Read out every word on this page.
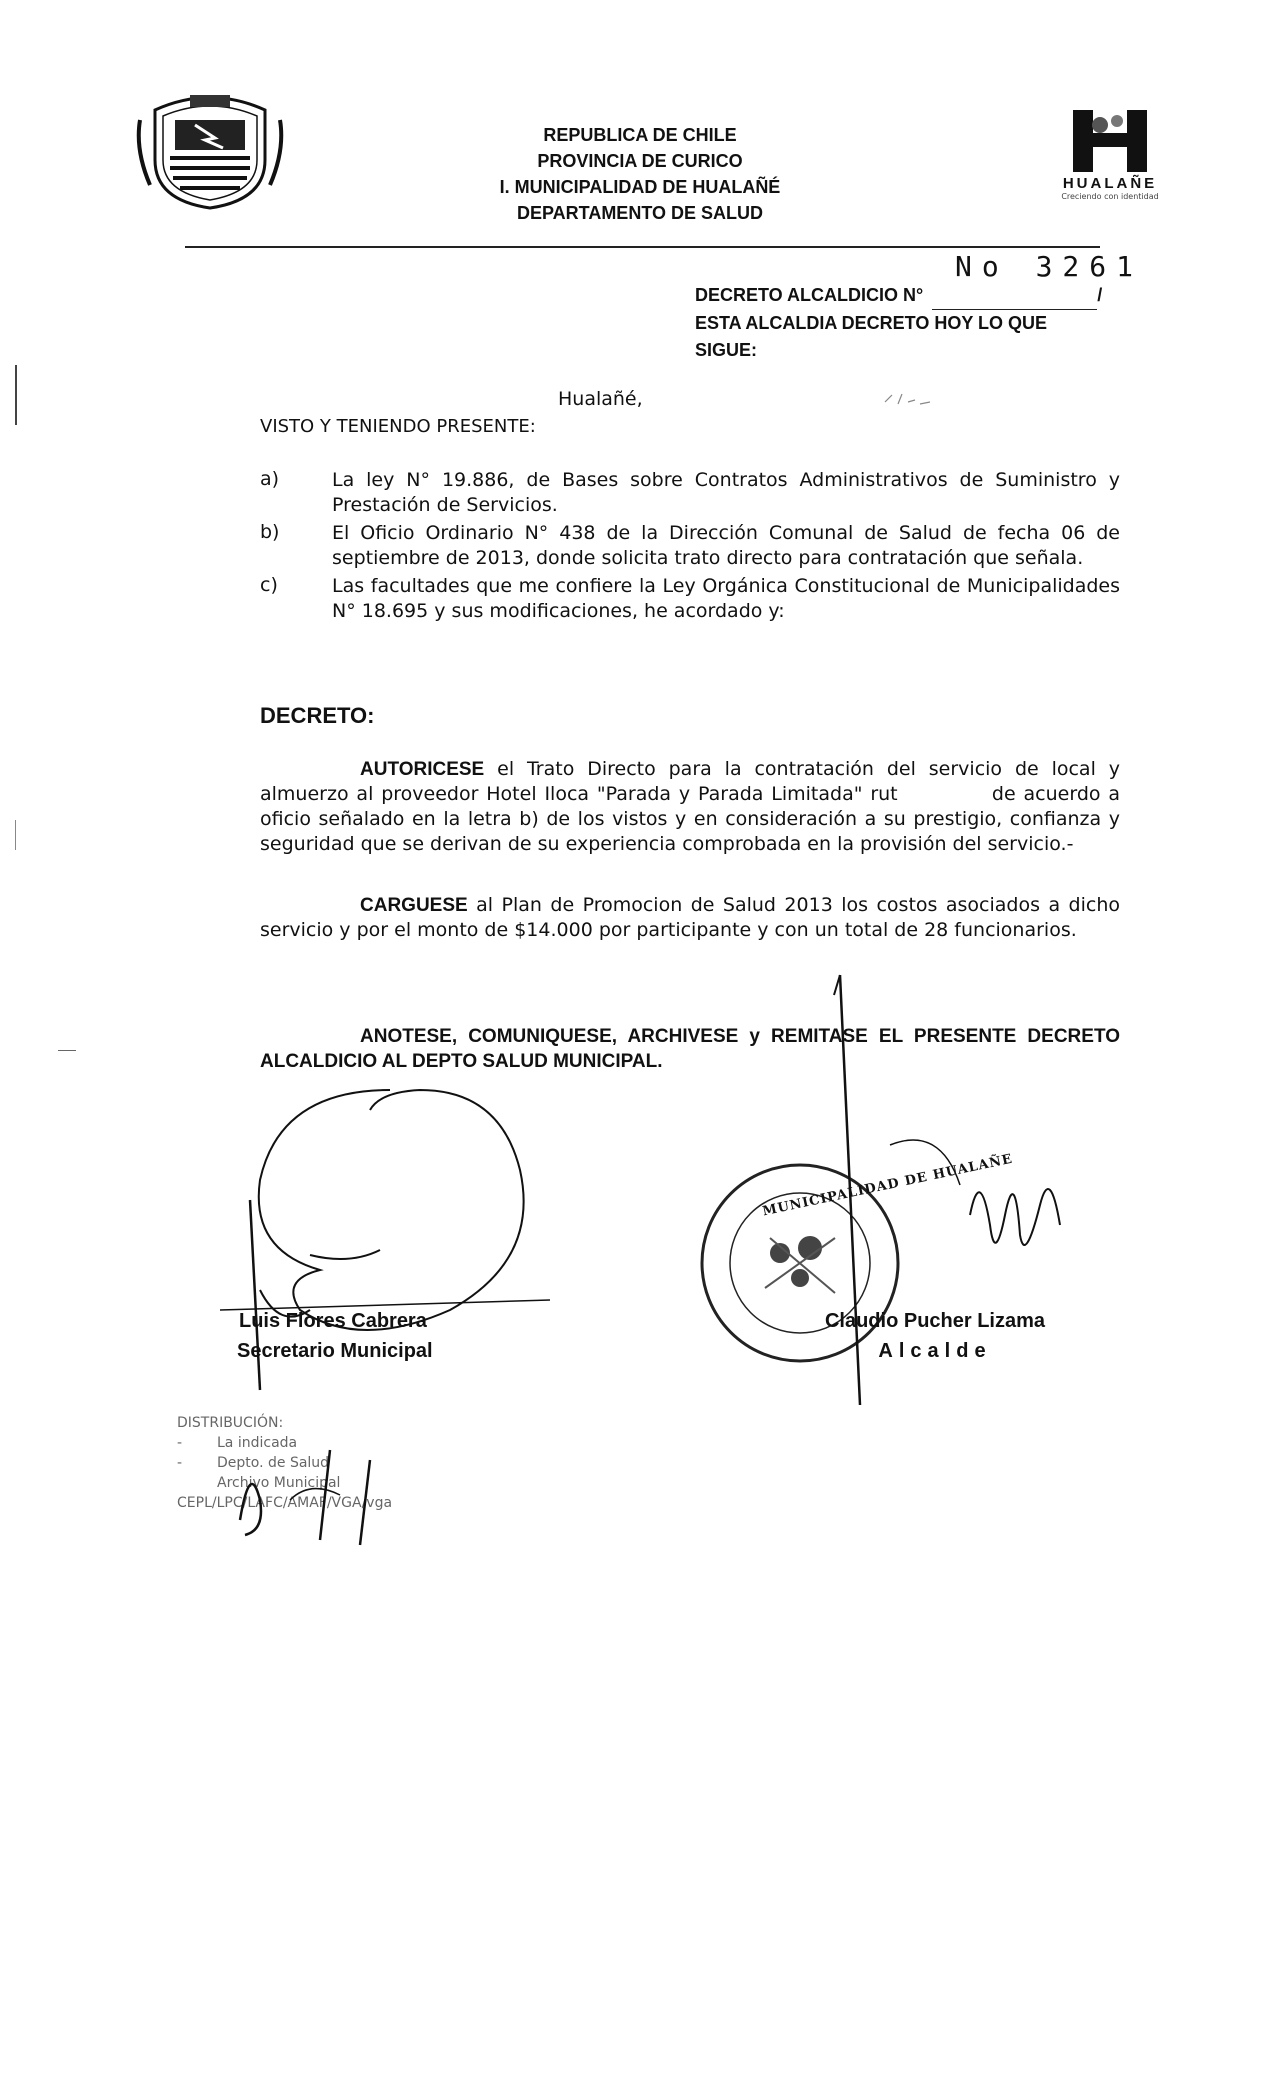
REPUBLICA DE CHILE
PROVINCIA DE CURICO
I. MUNICIPALIDAD DE HUALAÑÉ
DEPARTAMENTO DE SALUD
HUALAÑE
Creciendo con identidad
No 3261
DECRETO ALCALDICIO N°	/
ESTA ALCALDIA DECRETO HOY LO QUE
SIGUE:
Hualañé,
VISTO Y TENIENDO PRESENTE:
a)	La ley N° 19.886, de Bases sobre Contratos Administrativos de Suministro y Prestación de Servicios.
b)	El Oficio Ordinario N° 438 de la Dirección Comunal de Salud de fecha 06 de septiembre de 2013, donde solicita trato directo para contratación que señala.
c)	Las facultades que me confiere la Ley Orgánica Constitucional de Municipalidades N° 18.695 y sus modificaciones, he acordado y:
DECRETO:
AUTORICESE el Trato Directo para la contratación del servicio de local y almuerzo al proveedor Hotel Iloca "Parada y Parada Limitada" rut            de acuerdo a oficio señalado en la letra b) de los vistos y en consideración a su prestigio, confianza y seguridad que se derivan de su experiencia comprobada en la provisión del servicio.-
CARGUESE al Plan de Promocion de Salud 2013 los costos asociados a dicho servicio y por el monto de $14.000 por participante y con un total de 28 funcionarios.
ANOTESE, COMUNIQUESE, ARCHIVESE y REMITASE EL PRESENTE DECRETO ALCALDICIO AL DEPTO SALUD MUNICIPAL.
Luis Flores Cabrera
Secretario Municipal
MUNICIPALIDAD DE HUALAÑE
Claudio Pucher Lizama
Alcalde
DISTRIBUCIÓN:
- La indicada
- Depto. de Salud
Archivo Municipal
CEPL/LPC/LAFC/AMAF/VGA/vga
